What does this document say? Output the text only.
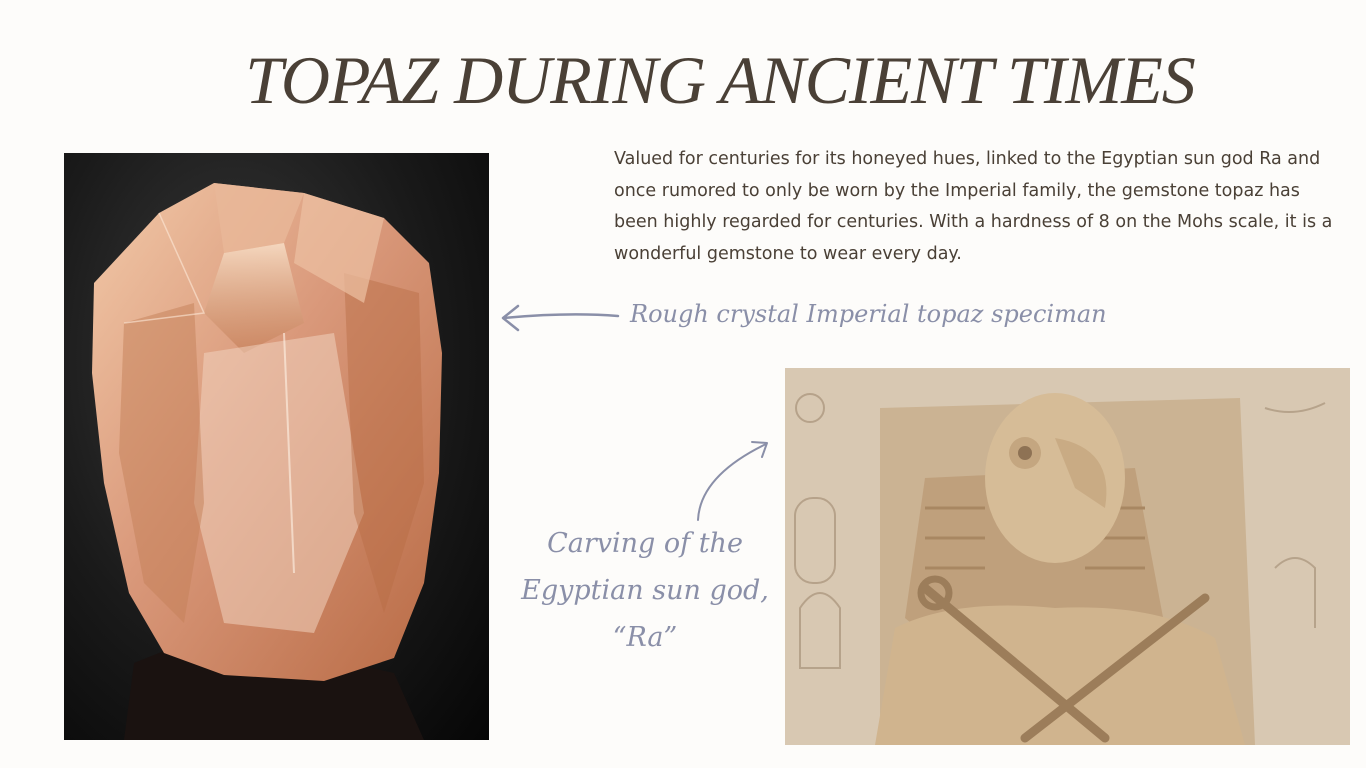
TOPAZ DURING ANCIENT TIMES

Valued for centuries for its honeyed hues, linked to the Egyptian sun god Ra and once rumored to only be worn by the Imperial family, the gemstone topaz has been highly regarded for centuries. With a hardness of 8 on the Mohs scale, it is a wonderful gemstone to wear every day.

Rough crystal Imperial topaz speciman

Carving of the
Egyptian sun god,
“Ra”
